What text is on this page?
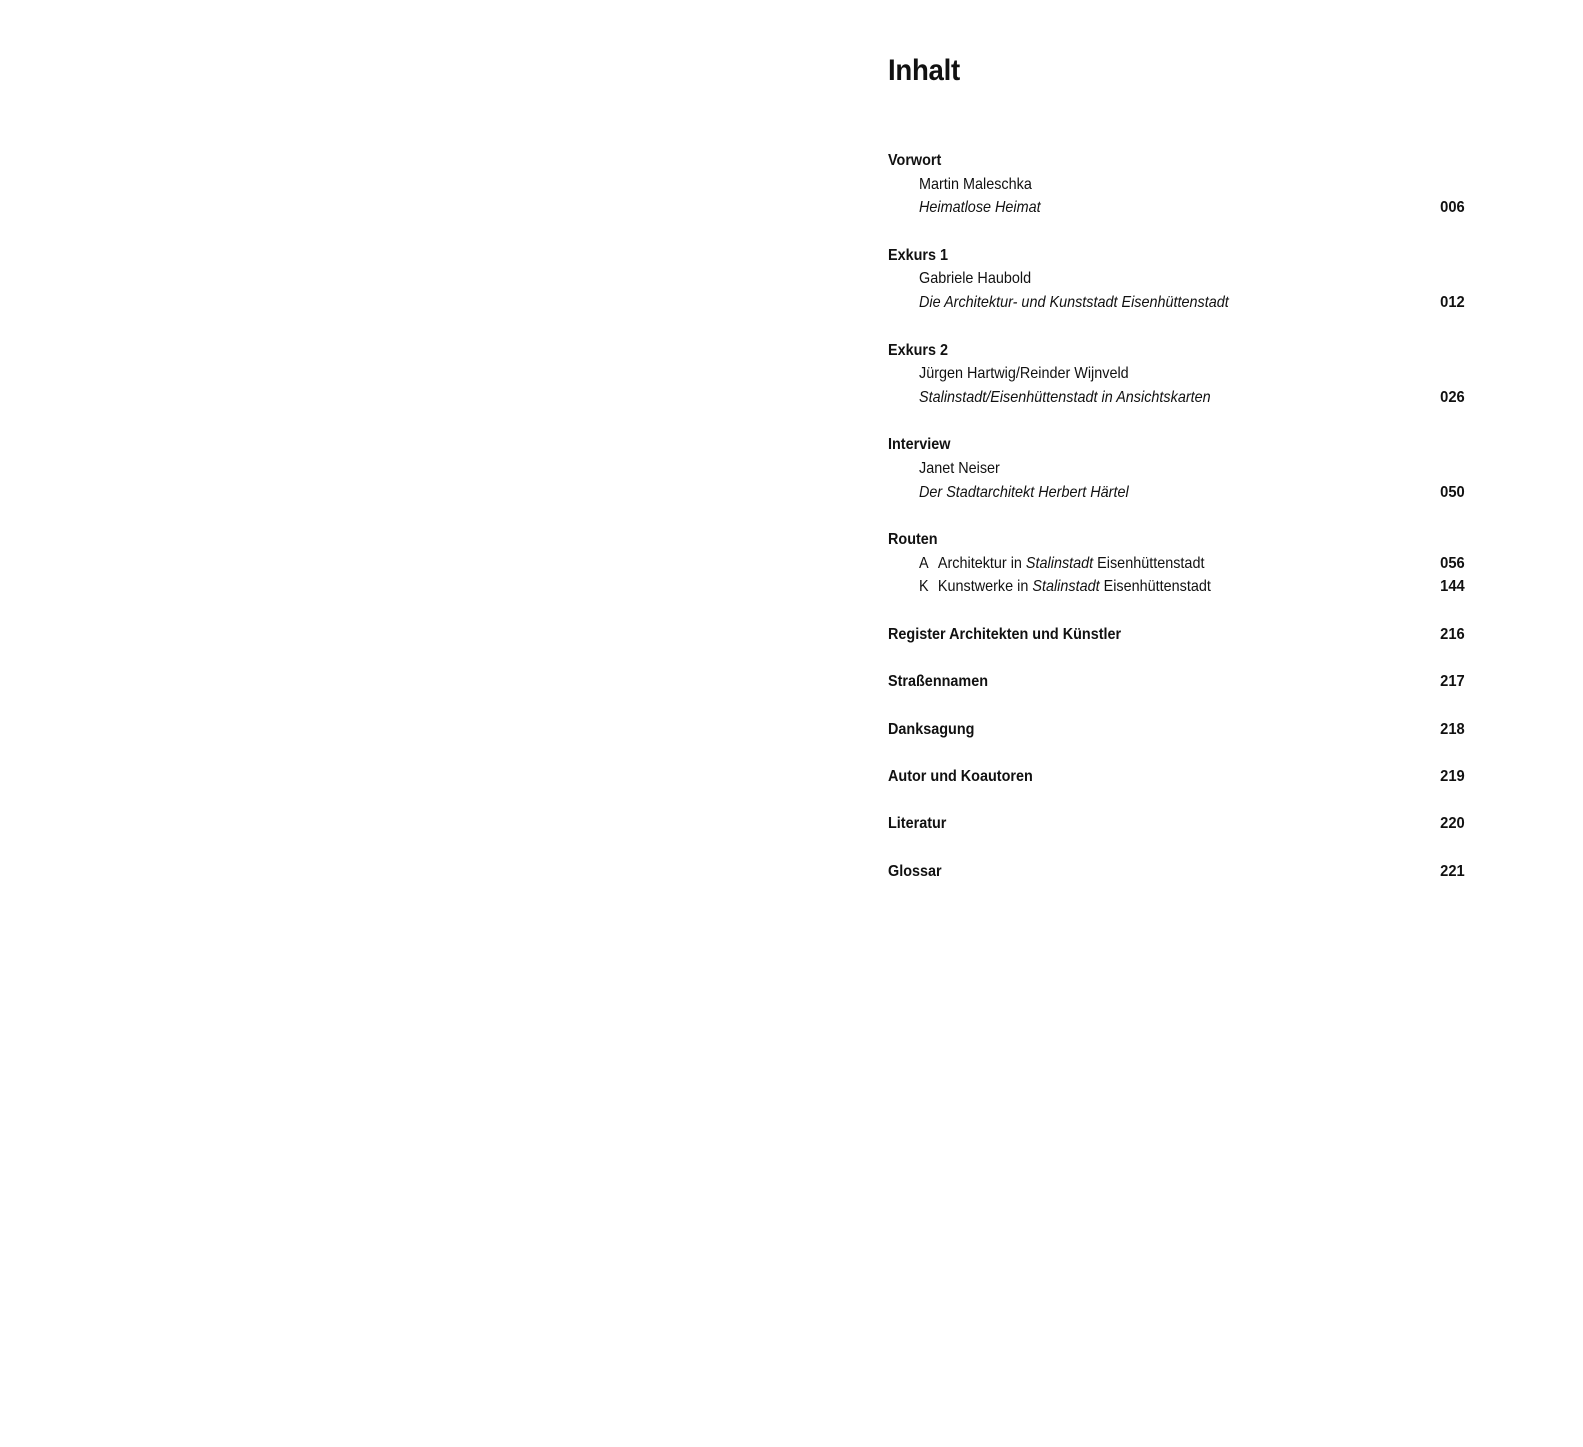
Inhalt
Vorwort
Martin Maleschka
Heimatlose Heimat	006
Exkurs 1
Gabriele Haubold
Die Architektur- und Kunststadt Eisenhüttenstadt	012
Exkurs 2
Jürgen Hartwig/Reinder Wijnveld
Stalinstadt/Eisenhüttenstadt in Ansichtskarten	026
Interview
Janet Neiser
Der Stadtarchitekt Herbert Härtel	050
Routen
A Architektur in Stalinstadt Eisenhüttenstadt	056
K Kunstwerke in Stalinstadt Eisenhüttenstadt	144
Register Architekten und Künstler	216
Straßennamen	217
Danksagung	218
Autor und Koautoren	219
Literatur	220
Glossar	221
